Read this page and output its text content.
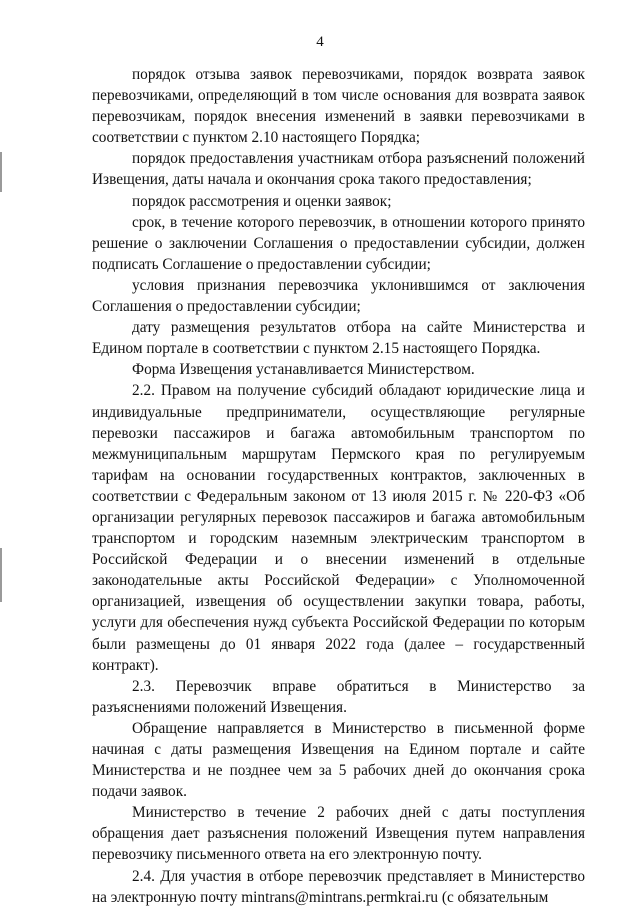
4

порядок отзыва заявок перевозчиками, порядок возврата заявок перевозчиками, определяющий в том числе основания для возврата заявок перевозчикам, порядок внесения изменений в заявки перевозчиками в соответствии с пунктом 2.10 настоящего Порядка;

порядок предоставления участникам отбора разъяснений положений Извещения, даты начала и окончания срока такого предоставления;

порядок рассмотрения и оценки заявок;

срок, в течение которого перевозчик, в отношении которого принято решение о заключении Соглашения о предоставлении субсидии, должен подписать Соглашение о предоставлении субсидии;

условия признания перевозчика уклонившимся от заключения Соглашения о предоставлении субсидии;

дату размещения результатов отбора на сайте Министерства и Едином портале в соответствии с пунктом 2.15 настоящего Порядка.

Форма Извещения устанавливается Министерством.

2.2. Правом на получение субсидий обладают юридические лица и индивидуальные предприниматели, осуществляющие регулярные перевозки пассажиров и багажа автомобильным транспортом по межмуниципальным маршрутам Пермского края по регулируемым тарифам на основании государственных контрактов, заключенных в соответствии с Федеральным законом от 13 июля 2015 г. № 220-ФЗ «Об организации регулярных перевозок пассажиров и багажа автомобильным транспортом и городским наземным электрическим транспортом в Российской Федерации и о внесении изменений в отдельные законодательные акты Российской Федерации» с Уполномоченной организацией, извещения об осуществлении закупки товара, работы, услуги для обеспечения нужд субъекта Российской Федерации по которым были размещены до 01 января 2022 года (далее – государственный контракт).

2.3. Перевозчик вправе обратиться в Министерство за разъяснениями положений Извещения.

Обращение направляется в Министерство в письменной форме начиная с даты размещения Извещения на Едином портале и сайте Министерства и не позднее чем за 5 рабочих дней до окончания срока подачи заявок.

Министерство в течение 2 рабочих дней с даты поступления обращения дает разъяснения положений Извещения путем направления перевозчику письменного ответа на его электронную почту.

2.4. Для участия в отборе перевозчик представляет в Министерство на электронную почту mintrans@mintrans.permkrai.ru (с обязательным
